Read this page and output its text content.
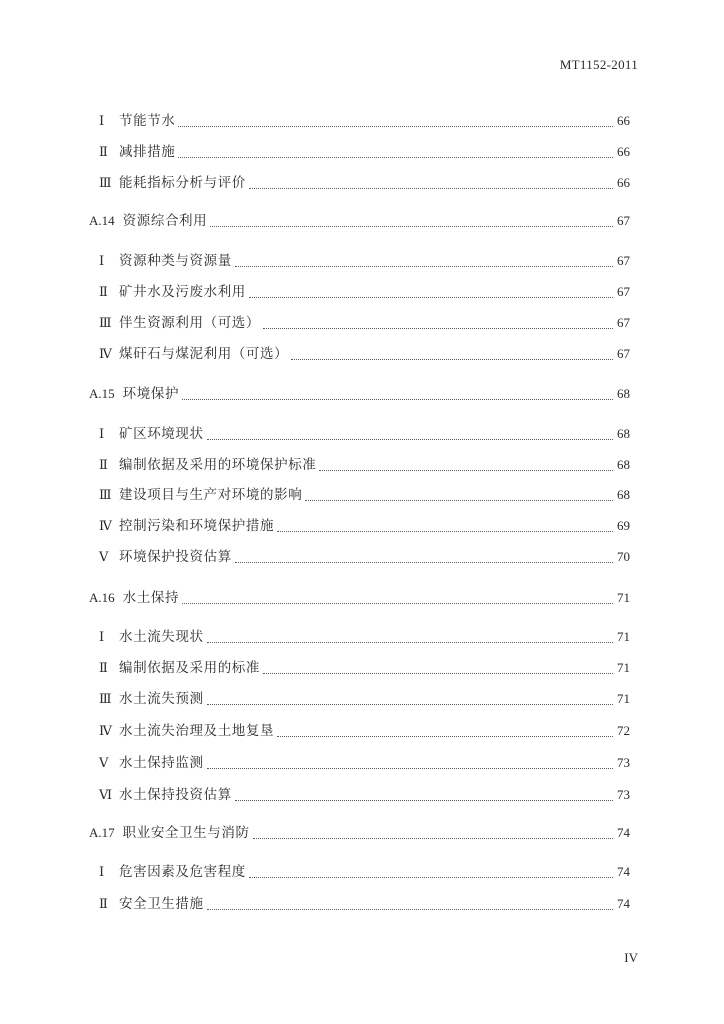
MT1152-2011
Ⅰ	节能节水	66
Ⅱ 减排措施	66
Ⅲ 能耗指标分析与评价	66
A.14 资源综合利用	67
Ⅰ	资源种类与资源量	67
Ⅱ 矿井水及污废水利用	67
Ⅲ 伴生资源利用（可选）	67
Ⅳ 煤矸石与煤泥利用（可选）	67
A.15 环境保护	68
Ⅰ	矿区环境现状	68
Ⅱ 编制依据及采用的环境保护标准	68
Ⅲ 建设项目与生产对环境的影响	68
Ⅳ 控制污染和环境保护措施	69
Ⅴ 环境保护投资估算	70
A.16 水土保持	71
Ⅰ	水土流失现状	71
Ⅱ 编制依据及采用的标准	71
Ⅲ 水土流失预测	71
Ⅳ 水土流失治理及土地复垦	72
Ⅴ 水土保持监测	73
Ⅵ 水土保持投资估算	73
A.17 职业安全卫生与消防	74
Ⅰ	危害因素及危害程度	74
Ⅱ 安全卫生措施	74
IV
